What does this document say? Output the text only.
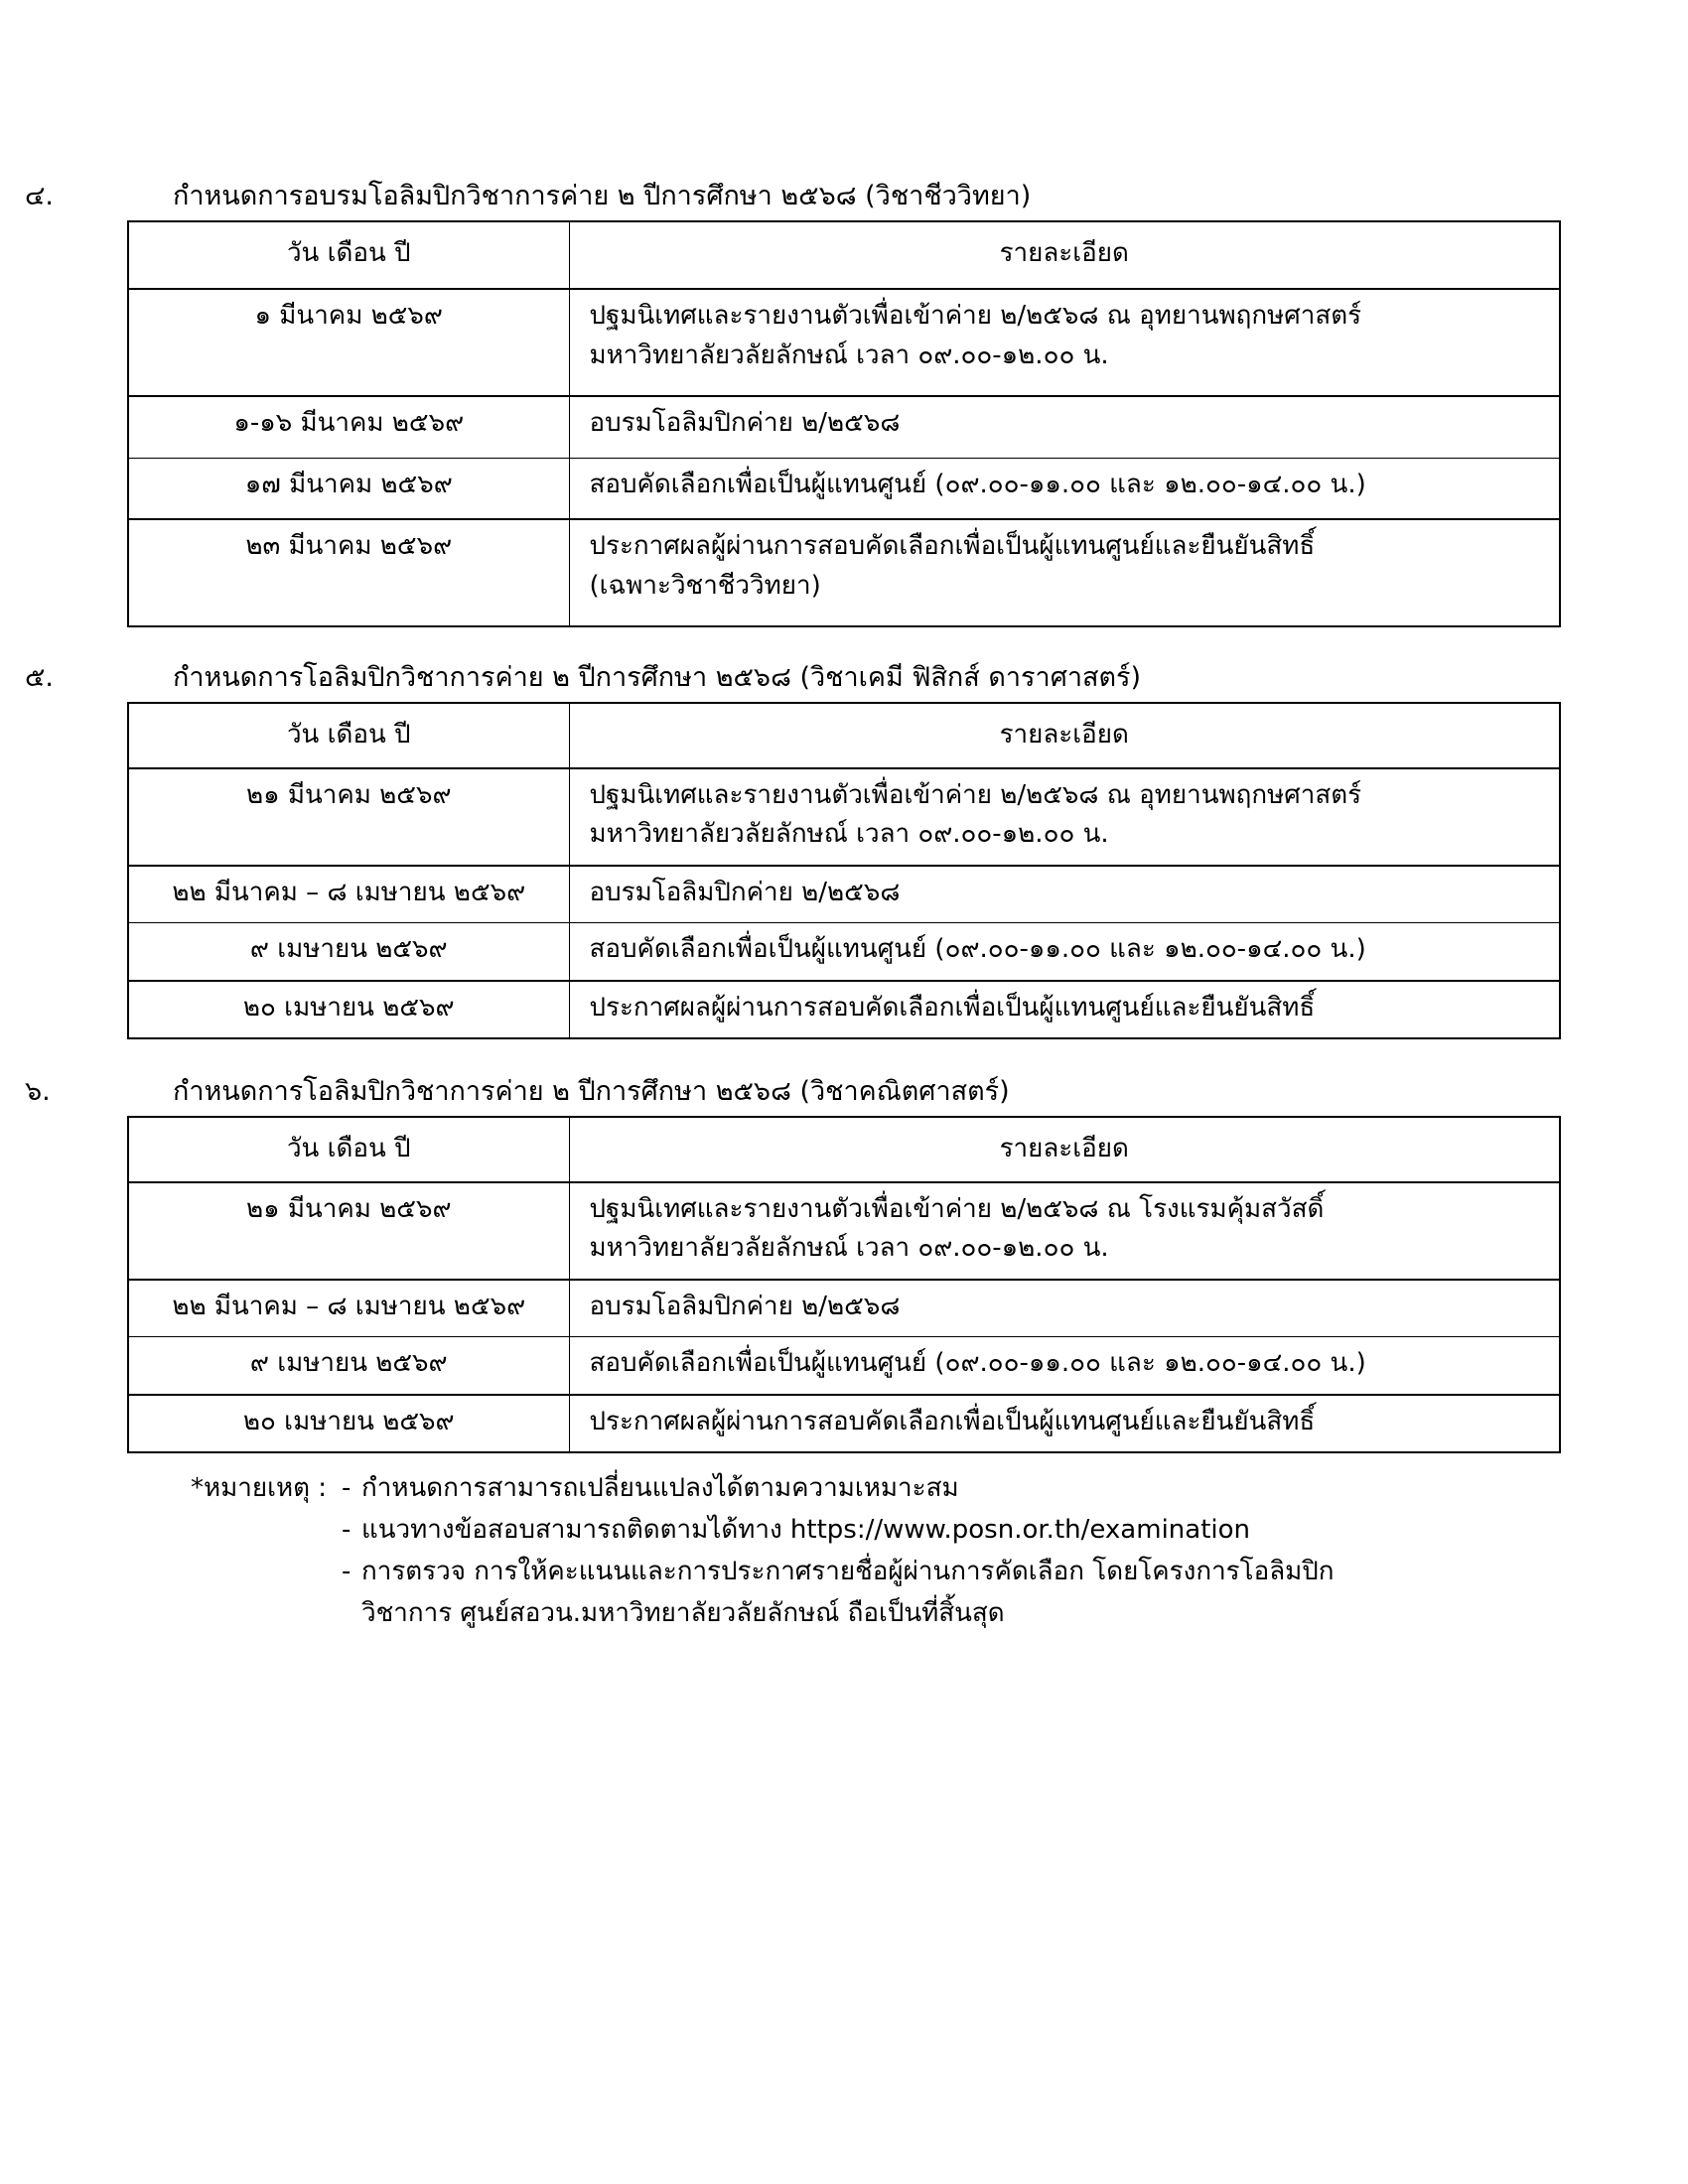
๔.	กำหนดการอบรมโอลิมปิกวิชาการค่าย ๒ ปีการศึกษา ๒๕๖๘ (วิชาชีววิทยา)

วัน เดือน ปี	รายละเอียด
๑ มีนาคม ๒๕๖๙	ปฐมนิเทศและรายงานตัวเพื่อเข้าค่าย ๒/๒๕๖๘ ณ อุทยานพฤกษศาสตร์
มหาวิทยาลัยวลัยลักษณ์ เวลา ๐๙.๐๐-๑๒.๐๐ น.

๑-๑๖ มีนาคม ๒๕๖๙	อบรมโอลิมปิกค่าย ๒/๒๕๖๘

๑๗ มีนาคม ๒๕๖๙	สอบคัดเลือกเพื่อเป็นผู้แทนศูนย์ (๐๙.๐๐-๑๑.๐๐ และ ๑๒.๐๐-๑๔.๐๐ น.)

๒๓ มีนาคม ๒๕๖๙	ประกาศผลผู้ผ่านการสอบคัดเลือกเพื่อเป็นผู้แทนศูนย์และยืนยันสิทธิ์
(เฉพาะวิชาชีววิทยา)

๕.	กำหนดการโอลิมปิกวิชาการค่าย ๒ ปีการศึกษา ๒๕๖๘ (วิชาเคมี ฟิสิกส์ ดาราศาสตร์)

วัน เดือน ปี	รายละเอียด
๒๑ มีนาคม ๒๕๖๙	ปฐมนิเทศและรายงานตัวเพื่อเข้าค่าย ๒/๒๕๖๘ ณ อุทยานพฤกษศาสตร์
มหาวิทยาลัยวลัยลักษณ์ เวลา ๐๙.๐๐-๑๒.๐๐ น.

๒๒ มีนาคม – ๘ เมษายน ๒๕๖๙	อบรมโอลิมปิกค่าย ๒/๒๕๖๘

๙ เมษายน ๒๕๖๙	สอบคัดเลือกเพื่อเป็นผู้แทนศูนย์ (๐๙.๐๐-๑๑.๐๐ และ ๑๒.๐๐-๑๔.๐๐ น.)

๒๐ เมษายน ๒๕๖๙	ประกาศผลผู้ผ่านการสอบคัดเลือกเพื่อเป็นผู้แทนศูนย์และยืนยันสิทธิ์

๖.	กำหนดการโอลิมปิกวิชาการค่าย ๒ ปีการศึกษา ๒๕๖๘ (วิชาคณิตศาสตร์)

วัน เดือน ปี	รายละเอียด
๒๑ มีนาคม ๒๕๖๙	ปฐมนิเทศและรายงานตัวเพื่อเข้าค่าย ๒/๒๕๖๘ ณ โรงแรมคุ้มสวัสดิ์
มหาวิทยาลัยวลัยลักษณ์ เวลา ๐๙.๐๐-๑๒.๐๐ น.

๒๒ มีนาคม – ๘ เมษายน ๒๕๖๙	อบรมโอลิมปิกค่าย ๒/๒๕๖๘

๙ เมษายน ๒๕๖๙	สอบคัดเลือกเพื่อเป็นผู้แทนศูนย์ (๐๙.๐๐-๑๑.๐๐ และ ๑๒.๐๐-๑๔.๐๐ น.)

๒๐ เมษายน ๒๕๖๙	ประกาศผลผู้ผ่านการสอบคัดเลือกเพื่อเป็นผู้แทนศูนย์และยืนยันสิทธิ์
*หมายเหตุ : - กำหนดการสามารถเปลี่ยนแปลงได้ตามความเหมาะสม
- แนวทางข้อสอบสามารถติดตามได้ทาง https://www.posn.or.th/examination
- การตรวจ การให้คะแนนและการประกาศรายชื่อผู้ผ่านการคัดเลือก โดยโครงการโอลิมปิก
วิชาการ ศูนย์สอวน.มหาวิทยาลัยวลัยลักษณ์ ถือเป็นที่สิ้นสุด
